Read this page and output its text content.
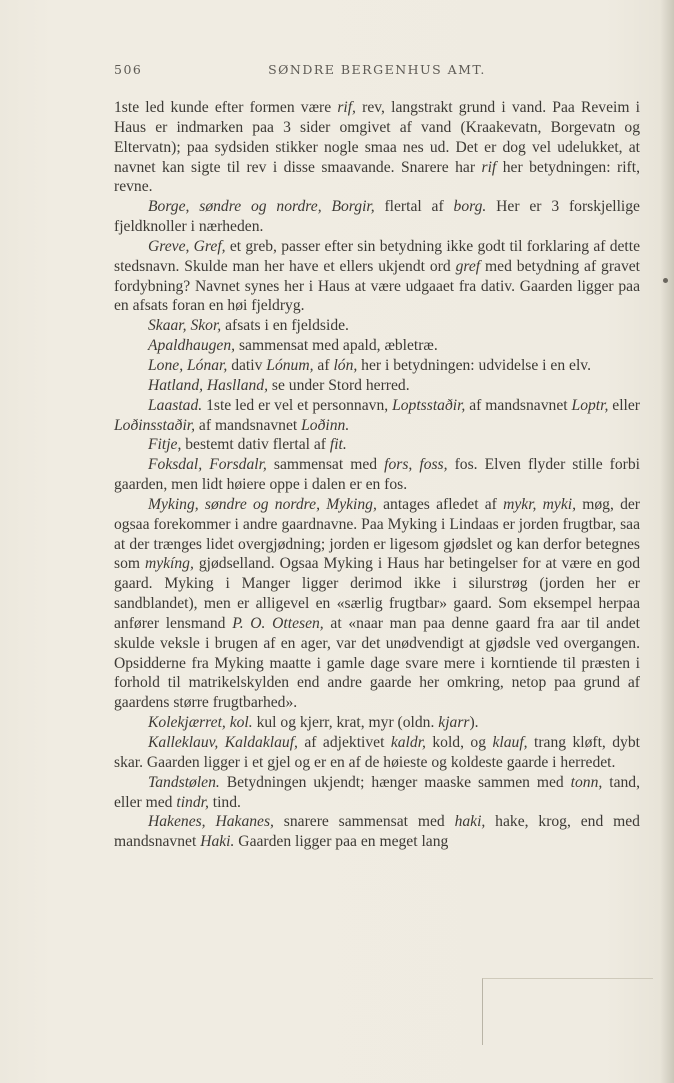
506	SØNDRE BERGENHUS AMT.

1ste led kunde efter formen være rif, rev, langstrakt grund i vand. Paa Reveim i Haus er indmarken paa 3 sider omgivet af vand (Kraakevatn, Borgevatn og Eltervatn); paa sydsiden stikker nogle smaa nes ud. Det er dog vel udelukket, at navnet kan sigte til rev i disse smaavande. Snarere har rif her betydningen: rift, revne.

Borge, søndre og nordre, Borgir, flertal af borg. Her er 3 forskjellige fjeldknoller i nærheden.

Greve, Gref, et greb, passer efter sin betydning ikke godt til forklaring af dette stedsnavn. Skulde man her have et ellers ukjendt ord gref med betydning af gravet fordybning? Navnet synes her i Haus at være udgaaet fra dativ. Gaarden ligger paa en afsats foran en høi fjeldryg.

Skaar, Skor, afsats i en fjeldside.

Apaldhaugen, sammensat med apald, æbletræ.

Lone, Lónar, dativ Lónum, af lón, her i betydningen: udvidelse i en elv.

Hatland, Haslland, se under Stord herred.

Laastad. 1ste led er vel et personnavn, Loptsstaðir, af mandsnavnet Loptr, eller Loðinsstaðir, af mandsnavnet Loðinn.

Fitje, bestemt dativ flertal af fit.

Foksdal, Forsdalr, sammensat med fors, foss, fos. Elven flyder stille forbi gaarden, men lidt høiere oppe i dalen er en fos.

Myking, søndre og nordre, Myking, antages afledet af mykr, myki, møg, der ogsaa forekommer i andre gaardnavne. Paa Myking i Lindaas er jorden frugtbar, saa at der trænges lidet overgjødning; jorden er ligesom gjødslet og kan derfor betegnes som mykíng, gjødselland. Ogsaa Myking i Haus har betingelser for at være en god gaard. Myking i Manger ligger derimod ikke i silurstrøg (jorden her er sandblandet), men er alligevel en «særlig frugtbar» gaard. Som eksempel herpaa anfører lensmand P. O. Ottesen, at «naar man paa denne gaard fra aar til andet skulde veksle i brugen af en ager, var det unødvendigt at gjødsle ved overgangen. Opsidderne fra Myking maatte i gamle dage svare mere i korntiende til præsten i forhold til matrikelskylden end andre gaarde her omkring, netop paa grund af gaardens større frugtbarhed».

Kolekjærret, kol. kul og kjerr, krat, myr (oldn. kjarr).

Kalleklauv, Kaldaklauf, af adjektivet kaldr, kold, og klauf, trang kløft, dybt skar. Gaarden ligger i et gjel og er en af de høieste og koldeste gaarde i herredet.

Tandstølen. Betydningen ukjendt; hænger maaske sammen med tonn, tand, eller med tindr, tind.

Hakenes, Hakanes, snarere sammensat med haki, hake, krog, end med mandsnavnet Haki. Gaarden ligger paa en meget lang
